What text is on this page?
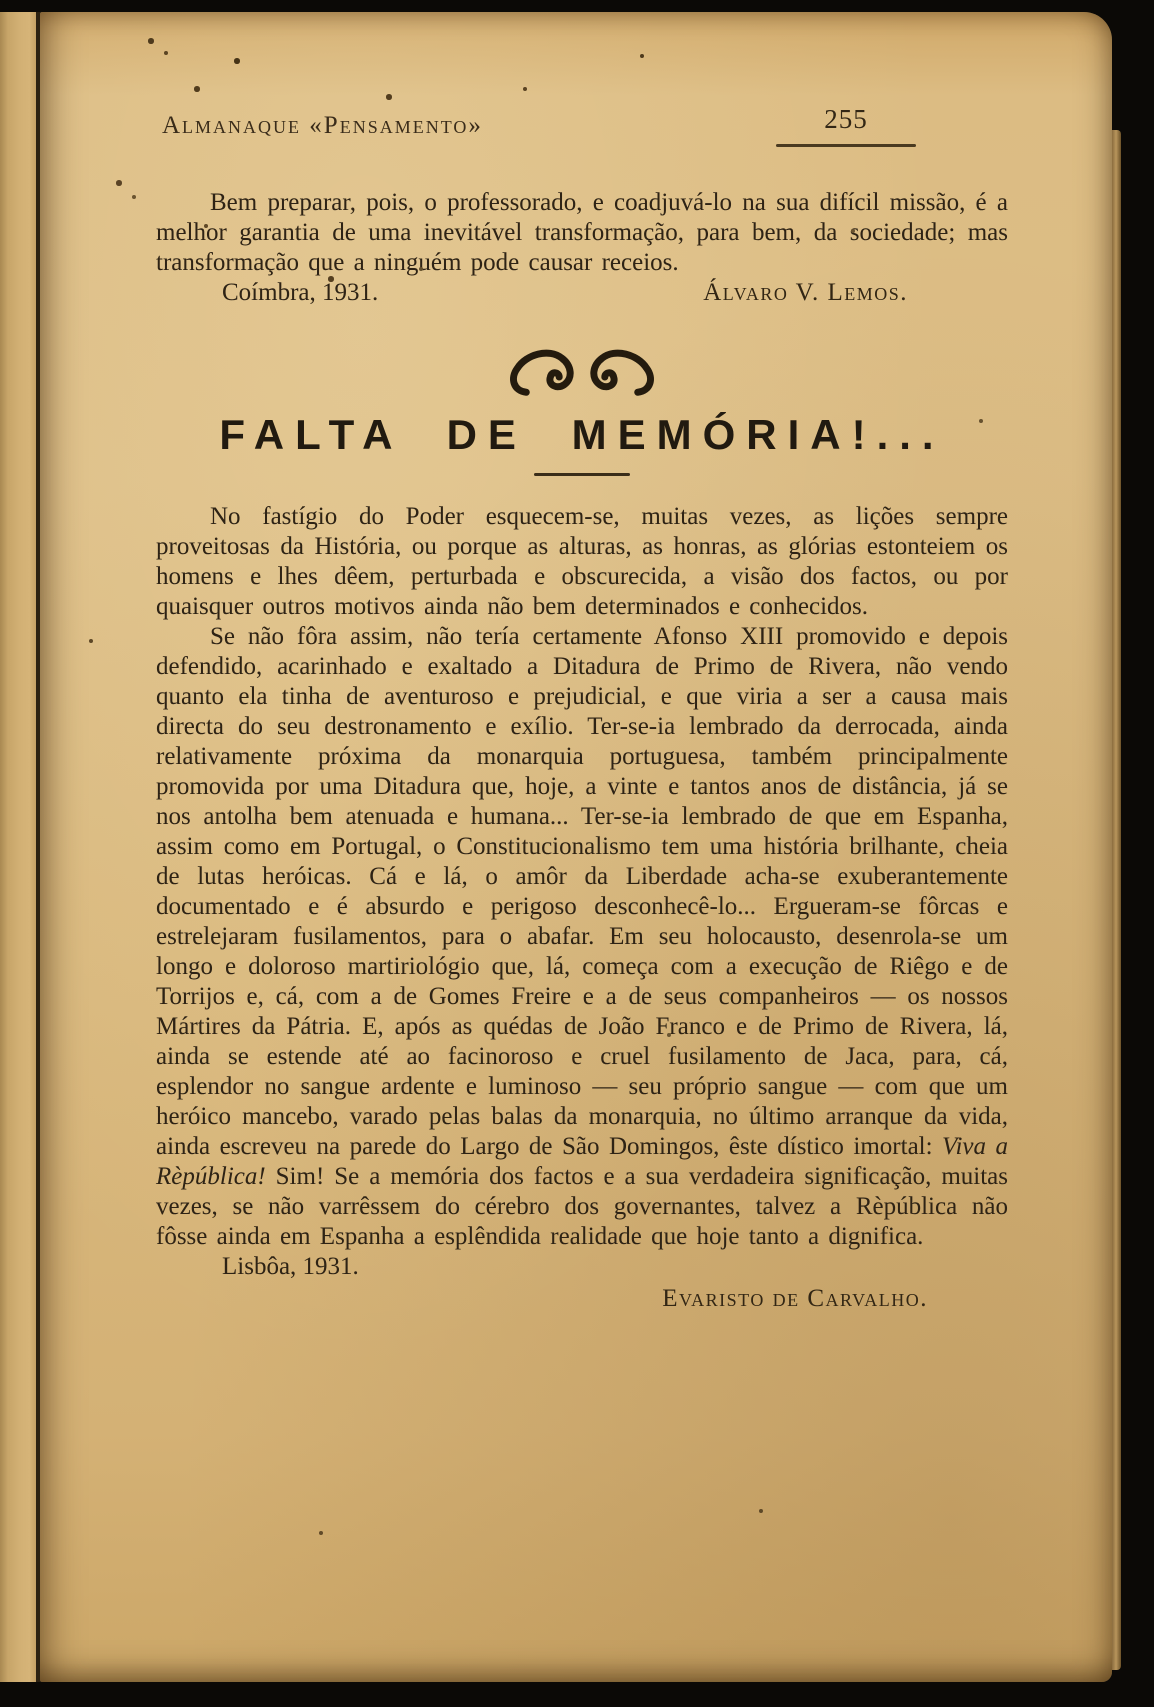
Almanaque «Pensamento»	255

Bem preparar, pois, o professorado, e coadjuvá-lo na sua difícil missão, é a melhor garantia de uma inevitável transformação, para bem, da sociedade; mas transformação que a ninguém pode causar receios.

Coímbra, 1931.	Álvaro V. Lemos.
FALTA DE MEMÓRIA!...

No fastígio do Poder esquecem-se, muitas vezes, as lições sempre proveitosas da História, ou porque as alturas, as honras, as glórias estonteiem os homens e lhes dêem, perturbada e obscurecida, a visão dos factos, ou por quaisquer outros motivos ainda não bem determinados e conhecidos.

Se não fôra assim, não tería certamente Afonso XIII promovido e depois defendido, acarinhado e exaltado a Ditadura de Primo de Rivera, não vendo quanto ela tinha de aventuroso e prejudicial, e que viria a ser a causa mais directa do seu destronamento e exílio. Ter-se-ia lembrado da derrocada, ainda relativamente próxima da monarquia portuguesa, também principalmente promovida por uma Ditadura que, hoje, a vinte e tantos anos de distância, já se nos antolha bem atenuada e humana... Ter-se-ia lembrado de que em Espanha, assim como em Portugal, o Constitucionalismo tem uma história brilhante, cheia de lutas heróicas. Cá e lá, o amôr da Liberdade acha-se exuberantemente documentado e é absurdo e perigoso desconhecê-lo... Ergueram-se fôrcas e estrelejaram fusilamentos, para o abafar. Em seu holocausto, desenrola-se um longo e doloroso martiriológio que, lá, começa com a execução de Riêgo e de Torrijos e, cá, com a de Gomes Freire e a de seus companheiros — os nossos Mártires da Pátria. E, após as quédas de João Franco e de Primo de Rivera, lá, ainda se estende até ao facinoroso e cruel fusilamento de Jaca, para, cá, esplendor no sangue ardente e luminoso — seu próprio sangue — com que um heróico mancebo, varado pelas balas da monarquia, no último arranque da vida, ainda escreveu na parede do Largo de São Domingos, êste dístico imortal: Viva a Rèpública! Sim! Se a memória dos factos e a sua verdadeira significação, muitas vezes, se não varrêssem do cérebro dos governantes, talvez a Rèpública não fôsse ainda em Espanha a esplêndida realidade que hoje tanto a dignifica.

Lisbôa, 1931.
Evaristo de Carvalho.
